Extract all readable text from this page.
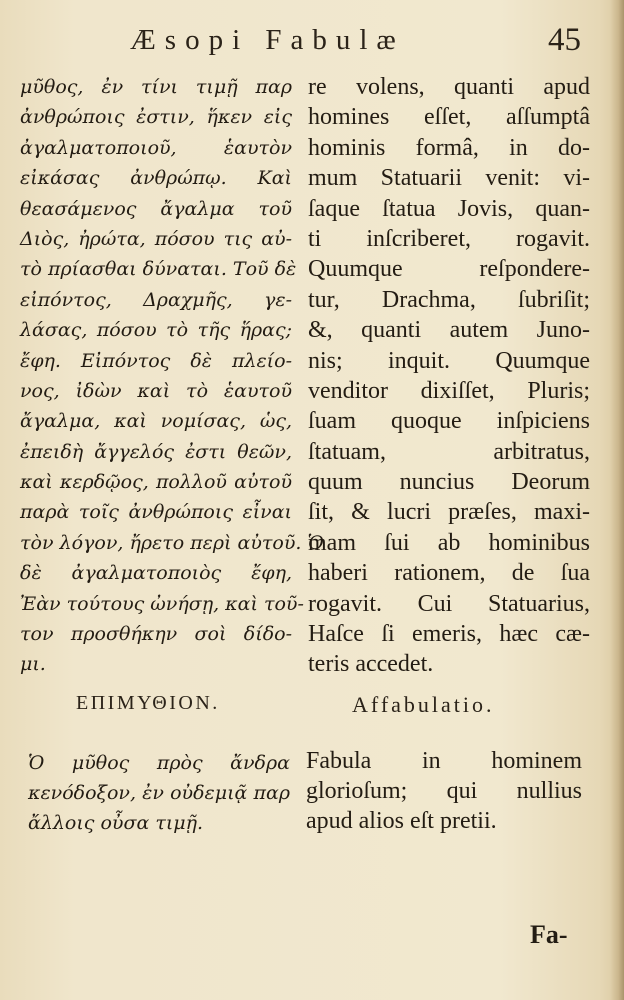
Æsopi Fabulæ	45
μῦθος, ἐν τίνι τιμῇ παρ
ἀνθρώποις ἐστιν, ἥκεν εἰς
ἀγαλματοποιοῦ, ἑαυτὸν
εἰκάσας ἀνθρώπῳ. Καὶ
θεασάμενος ἄγαλμα τοῦ
Διὸς, ἠρώτα, πόσου τις αὐ-
τὸ πρίασθαι δύναται. Τοῦ δὲ
εἰπόντος, Δραχμῆς, γε-
λάσας, πόσου τὸ τῆς ἥρας;
ἔφη. Εἰπόντος δὲ πλείο-
νος, ἰδὼν καὶ τὸ ἑαυτοῦ
ἄγαλμα, καὶ νομίσας, ὡς,
ἐπειδὴ ἄγγελός ἐστι θεῶν,
καὶ κερδῷος, πολλοῦ αὐτοῦ
παρὰ τοῖς ἀνθρώποις εἶναι
τὸν λόγον, ἤρετο περὶ αὐτοῦ. Ὁ
δὲ ἀγαλματοποιὸς ἔφη,
Ἐὰν τούτους ὠνήσῃ, καὶ τοῦ-
τον προσθήκην σοὶ δίδο-
μι.
re volens, quanti apud
homines eſſet, aſſumptâ
hominis formâ, in do-
mum Statuarii venit: vi-
ſaque ſtatua Jovis, quan-
ti inſcriberet, rogavit.
Quumque reſpondere-
tur, Drachma, ſubriſit;
&, quanti autem Juno-
nis; inquit. Quumque
venditor dixiſſet, Pluris;
ſuam quoque inſpiciens
ſtatuam, arbitratus,
quum nuncius Deorum
ſit, & lucri præſes, maxi-
mam ſui ab hominibus
haberi rationem, de ſua
rogavit. Cui Statuarius,
Haſce ſi emeris, hæc cæ-
teris accedet.
ΕΠΙΜΥΘΙΟΝ.	Affabulatio.
Ὁ μῦθος πρὸς ἄνδρα
κενόδοξον, ἐν οὐδεμιᾷ παρ
ἄλλοις οὖσα τιμῇ.
Fabula in hominem
glorioſum; qui nullius
apud alios eſt pretii.
Fa-
